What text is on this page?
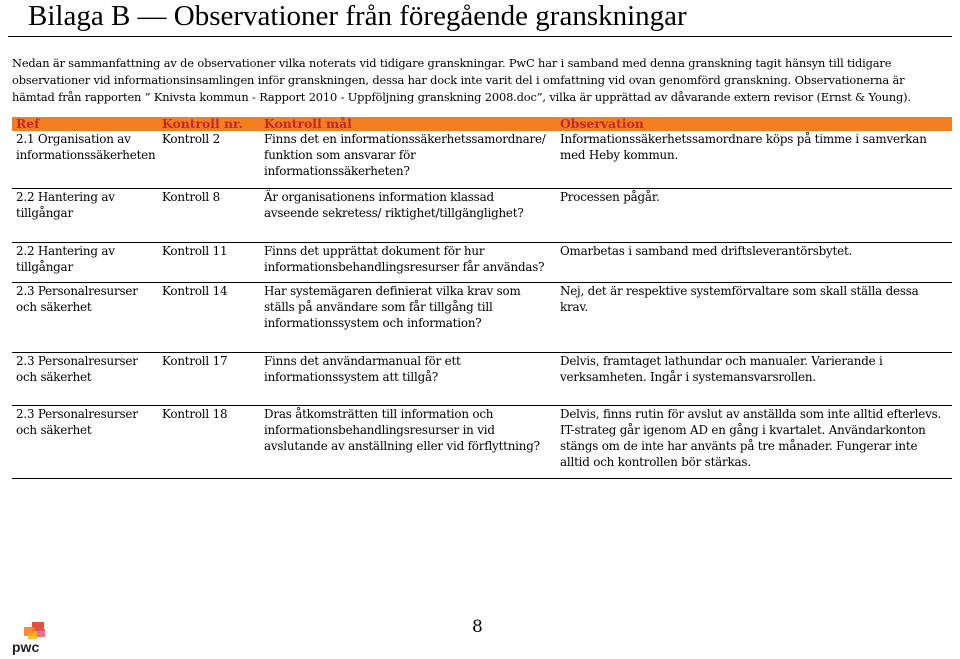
Bilaga B — Observationer från föregående granskningar
Nedan är sammanfattning av de observationer vilka noterats vid tidigare granskningar. PwC har i samband med denna granskning tagit hänsyn till tidigare
observationer vid informationsinsamlingen inför granskningen, dessa har dock inte varit del i omfattning vid ovan genomförd granskning. Observationerna är
hämtad från rapporten ” Knivsta kommun - Rapport 2010 - Uppföljning granskning 2008.doc”, vilka är upprättad av dåvarande extern revisor (Ernst & Young).
Ref	Kontroll nr.	Kontroll mål	Observation
2.1 Organisation av informationssäkerheten	Kontroll 2	Finns det en informationssäkerhetssamordnare/ funktion som ansvarar för informationssäkerheten?	Informationssäkerhetssamordnare köps på timme i samverkan med Heby kommun.
2.2 Hantering av tillgångar	Kontroll 8	Är organisationens information klassad avseende sekretess/ riktighet/tillgänglighet?	Processen pågår.
2.2 Hantering av tillgångar	Kontroll 11	Finns det upprättat dokument för hur informationsbehandlingsresurser får användas?	Omarbetas i samband med driftsleverantörsbytet.
2.3 Personalresurser och säkerhet	Kontroll 14	Har systemägaren definierat vilka krav som ställs på användare som får tillgång till informationssystem och information?	Nej, det är respektive systemförvaltare som skall ställa dessa krav.
2.3 Personalresurser och säkerhet	Kontroll 17	Finns det användarmanual för ett informationssystem att tillgå?	Delvis, framtaget lathundar och manualer. Varierande i verksamheten. Ingår i systemansvarsrollen.
2.3 Personalresurser och säkerhet	Kontroll 18	Dras åtkomsträtten till information och informationsbehandlingsresurser in vid avslutande av anställning eller vid förflyttning?	Delvis, finns rutin för avslut av anställda som inte alltid efterlevs. IT-strateg går igenom AD en gång i kvartalet. Användarkonton stängs om de inte har använts på tre månader. Fungerar inte alltid och kontrollen bör stärkas.
pwc
8
